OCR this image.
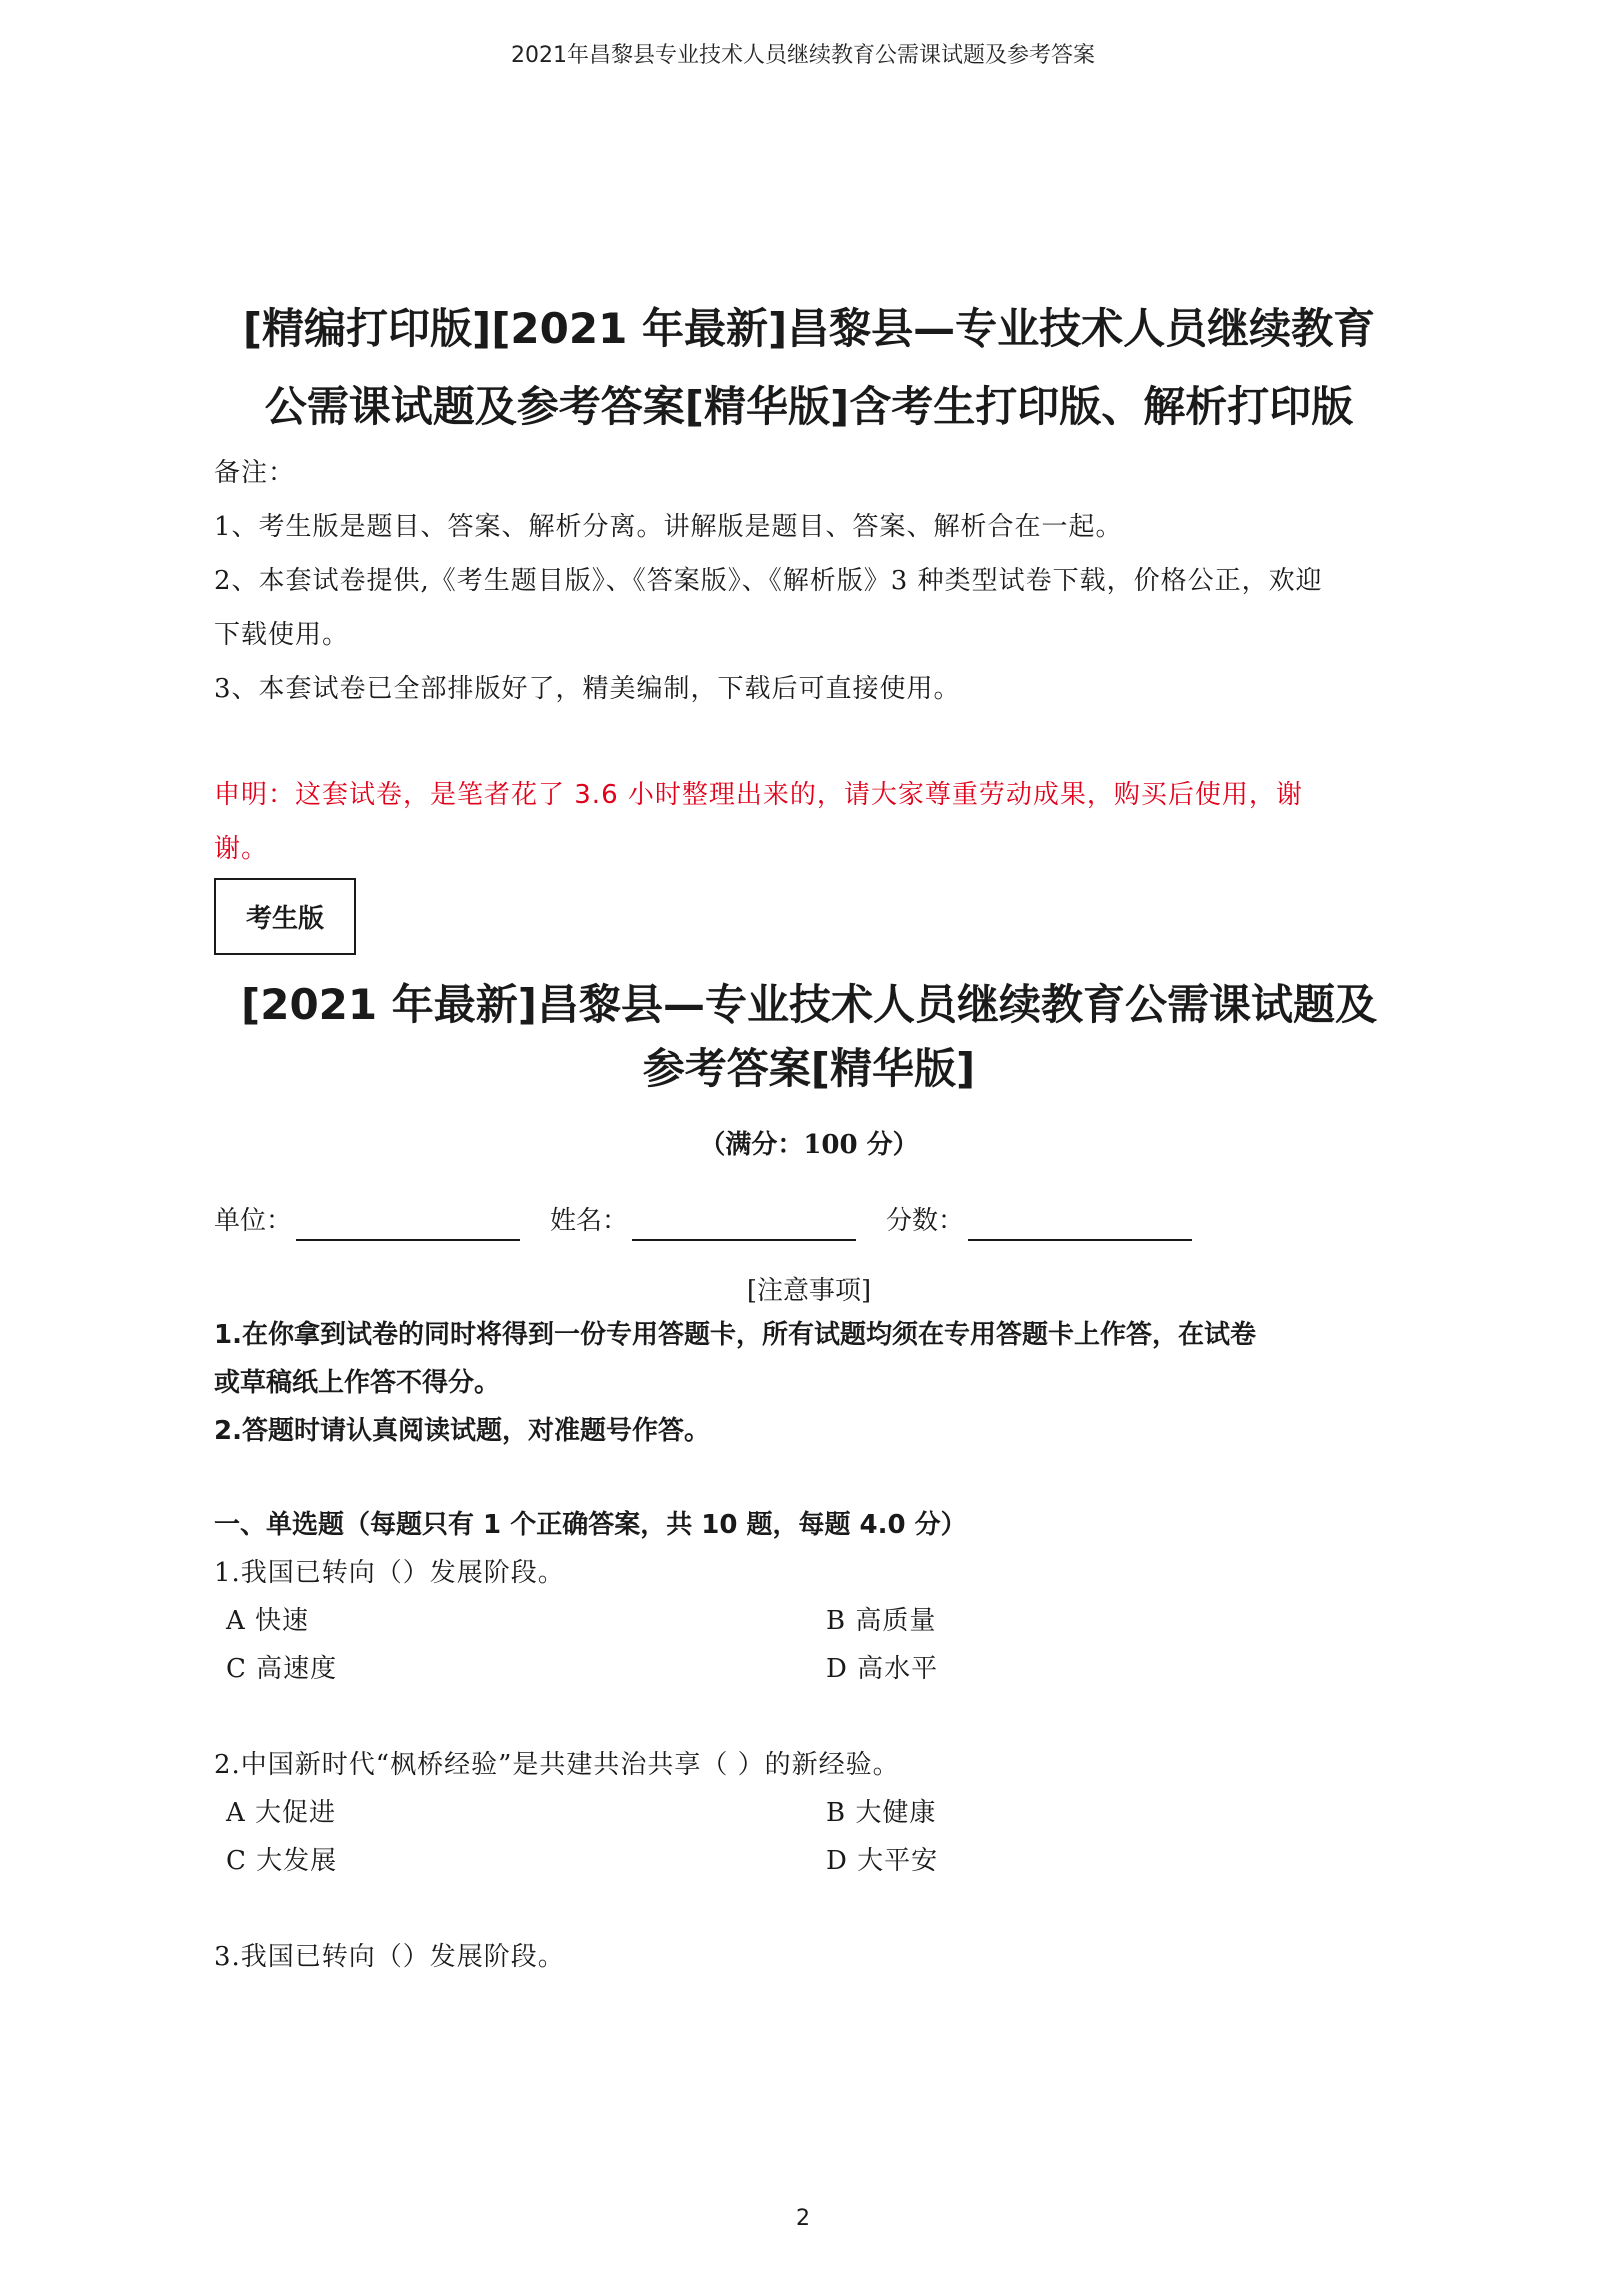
2021年昌黎县专业技术人员继续教育公需课试题及参考答案

[精编打印版][2021 年最新]昌黎县—专业技术人员继续教育

公需课试题及参考答案[精华版]含考生打印版、解析打印版

备注：

1、考生版是题目、答案、解析分离。讲解版是题目、答案、解析合在一起。

2、本套试卷提供,《考生题目版》、《答案版》、《解析版》3 种类型试卷下载，价格公正，欢迎

下载使用。

3、本套试卷已全部排版好了，精美编制，下载后可直接使用。

申明：这套试卷，是笔者花了 3.6 小时整理出来的，请大家尊重劳动成果，购买后使用，谢

谢。

考生版

[2021 年最新]昌黎县—专业技术人员继续教育公需课试题及

参考答案[精华版]

（满分：100 分）
单位：	姓名：	分数：
[注意事项]

1.在你拿到试卷的同时将得到一份专用答题卡，所有试题均须在专用答题卡上作答，在试卷

或草稿纸上作答不得分。

2.答题时请认真阅读试题，对准题号作答。

一、单选题（每题只有 1 个正确答案，共 10 题，每题 4.0 分）

1.我国已转向（）发展阶段。

A 快速	B 高质量
C 高速度	D 高水平

2.中国新时代“枫桥经验”是共建共治共享（ ）的新经验。

A 大促进	B 大健康
C 大发展	D 大平安

3.我国已转向（）发展阶段。

2
